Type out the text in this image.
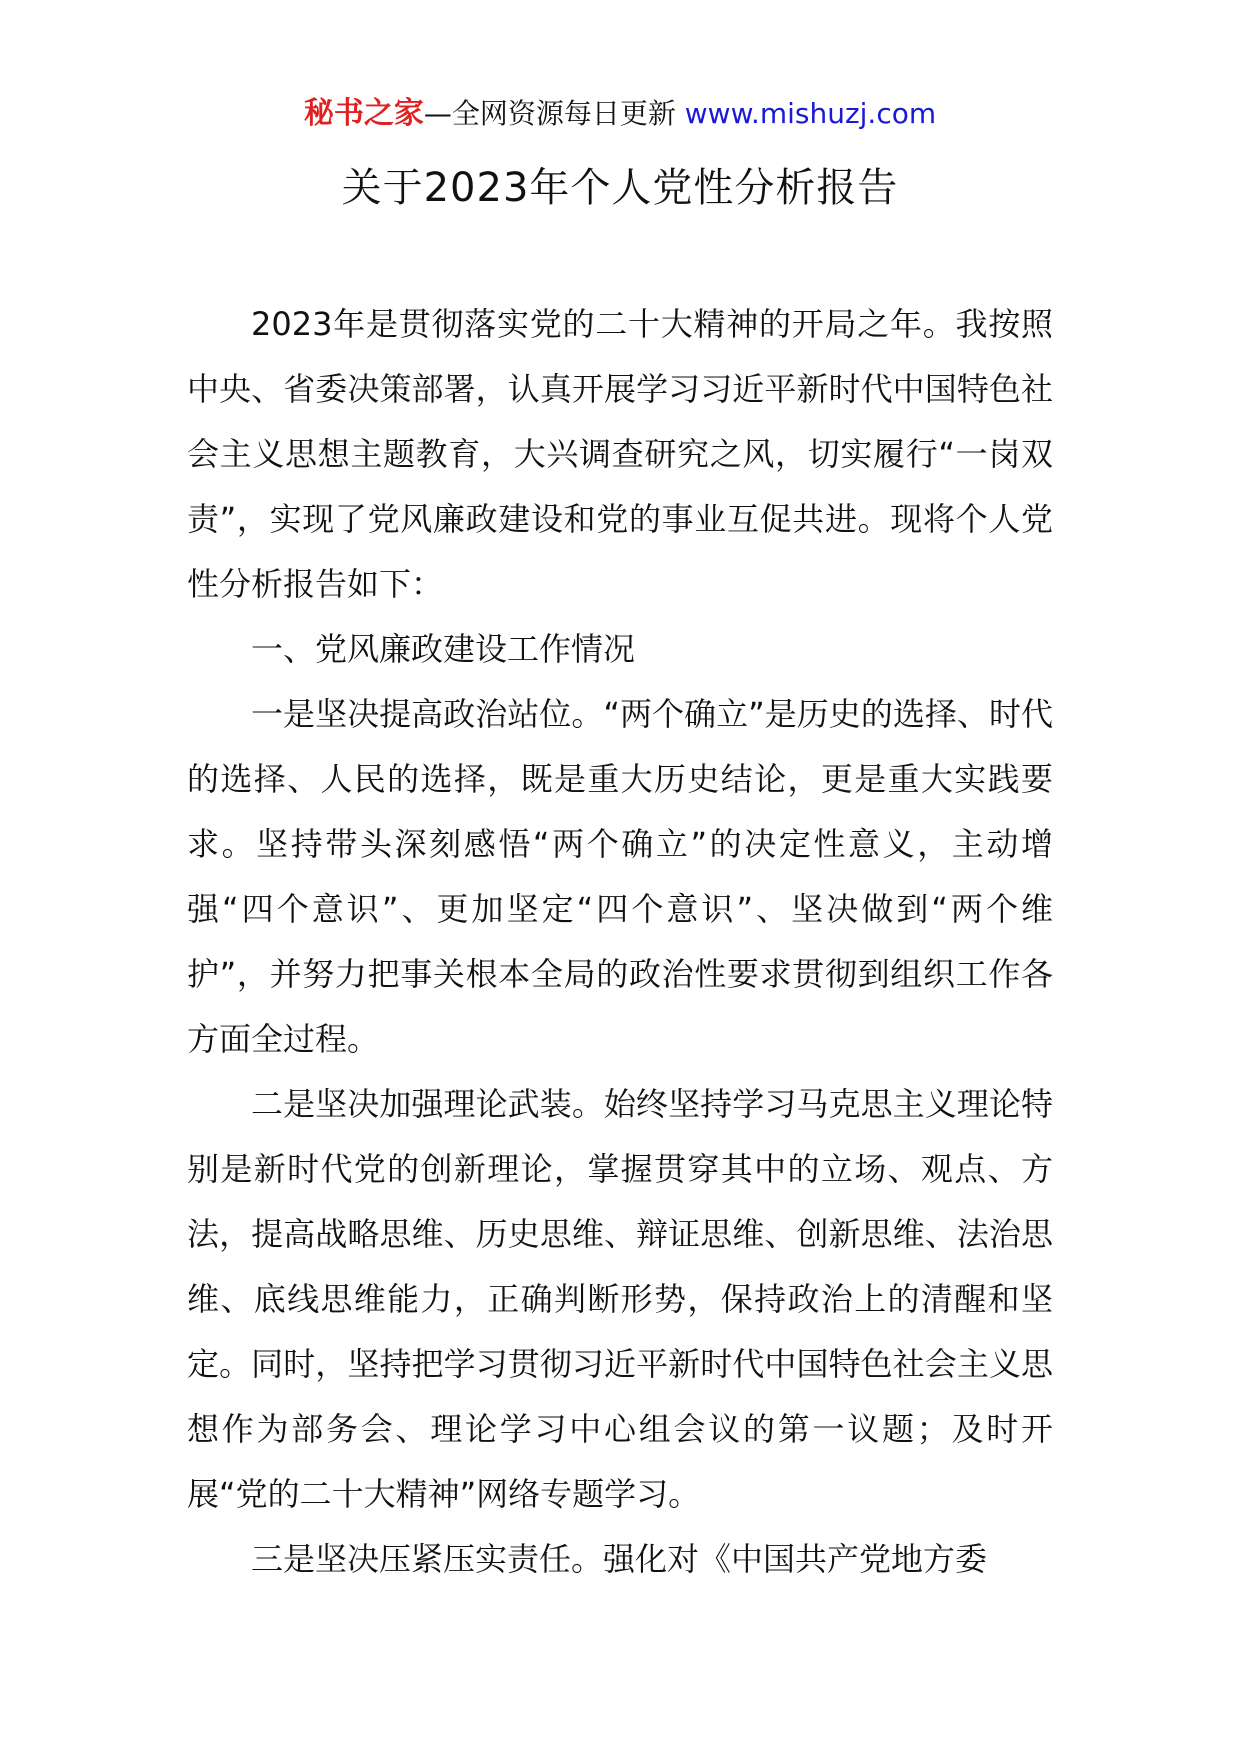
秘书之家—全网资源每日更新 www.mishuzj.com
关于2023年个人党性分析报告

2023年是贯彻落实党的二十大精神的开局之年。我按照中央、省委决策部署，认真开展学习习近平新时代中国特色社会主义思想主题教育，大兴调查研究之风，切实履行“一岗双责”，实现了党风廉政建设和党的事业互促共进。现将个人党性分析报告如下：

一、党风廉政建设工作情况

一是坚决提高政治站位。“两个确立”是历史的选择、时代的选择、人民的选择，既是重大历史结论，更是重大实践要求。坚持带头深刻感悟“两个确立”的决定性意义，主动增强“四个意识”、更加坚定“四个意识”、坚决做到“两个维护”，并努力把事关根本全局的政治性要求贯彻到组织工作各方面全过程。

二是坚决加强理论武装。始终坚持学习马克思主义理论特别是新时代党的创新理论，掌握贯穿其中的立场、观点、方法，提高战略思维、历史思维、辩证思维、创新思维、法治思维、底线思维能力，正确判断形势，保持政治上的清醒和坚定。同时，坚持把学习贯彻习近平新时代中国特色社会主义思想作为部务会、理论学习中心组会议的第一议题；及时开展“党的二十大精神”网络专题学习。

三是坚决压紧压实责任。强化对《中国共产党地方委
